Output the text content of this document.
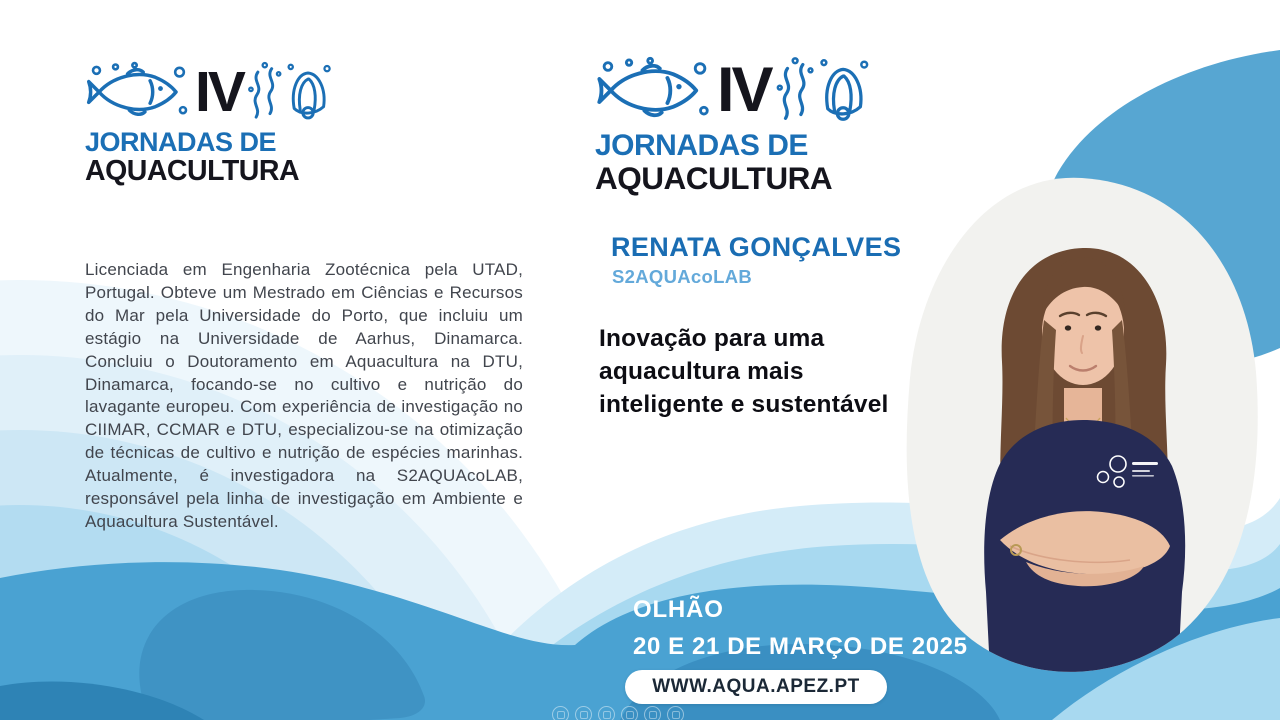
IV
JORNADAS DE
AQUACULTURA
IV
JORNADAS DE
AQUACULTURA

Licenciada em Engenharia Zootécnica pela UTAD, Portugal. Obteve um Mestrado em Ciências e Recursos do Mar pela Universidade do Porto, que incluiu um estágio na Universidade de Aarhus, Dinamarca. Concluiu o Doutoramento em Aquacultura na DTU, Dinamarca, focando-se no cultivo e nutrição do lavagante europeu. Com experiência de investigação no CIIMAR, CCMAR e DTU, especializou-se na otimização de técnicas de cultivo e nutrição de espécies marinhas. Atualmente, é investigadora na S2AQUAcoLAB, responsável pela linha de investigação em Ambiente e Aquacultura Sustentável.

RENATA GONÇALVES
S2AQUAcoLAB
Inovação para uma
aquacultura mais
inteligente e sustentável
OLHÃO
20 E 21 DE MARÇO DE 2025
WWW.AQUA.APEZ.PT
